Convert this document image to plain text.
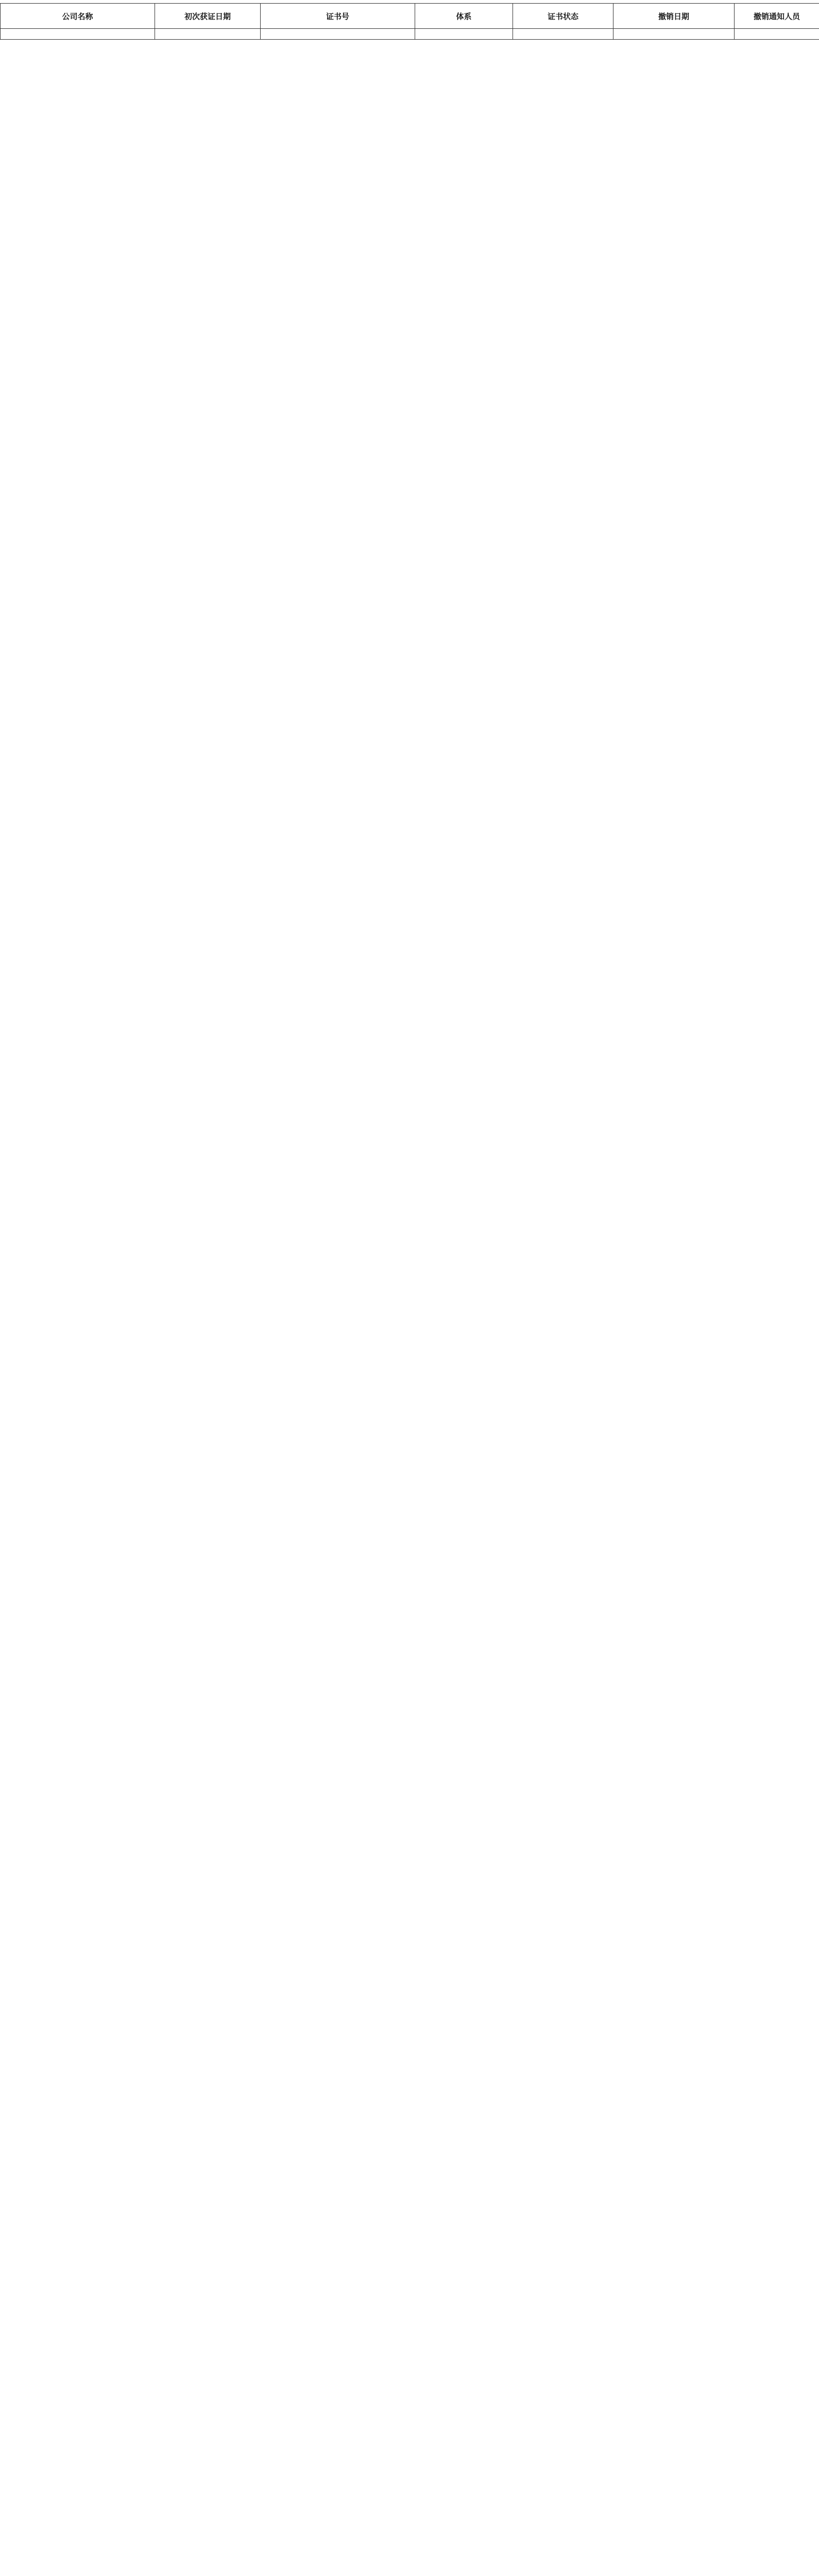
公司名称	初次获证日期	证书号	体系	证书状态	撤销日期	撤销通知人员
